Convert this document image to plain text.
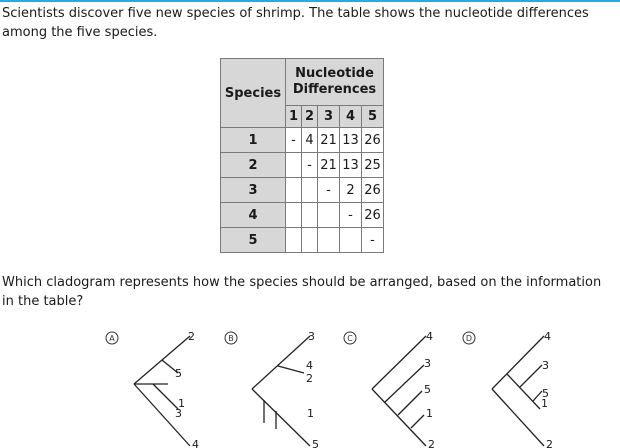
Scientists discover five new species of shrimp. The table shows the nucleotide differences among the five species.
Species	Nucleotide
Differences				
	1	2	3	4	5
1	-	4	21	13	26
2		-	21	13	25
3			-	2	26
4				-	26
5					-
Which cladogram represents how the species should be arranged, based on the information in the table?
A	2
5
1
3
4
B	3
4
2
1
5
C	4
3
5
1
2
D	4
3
5
1
2
